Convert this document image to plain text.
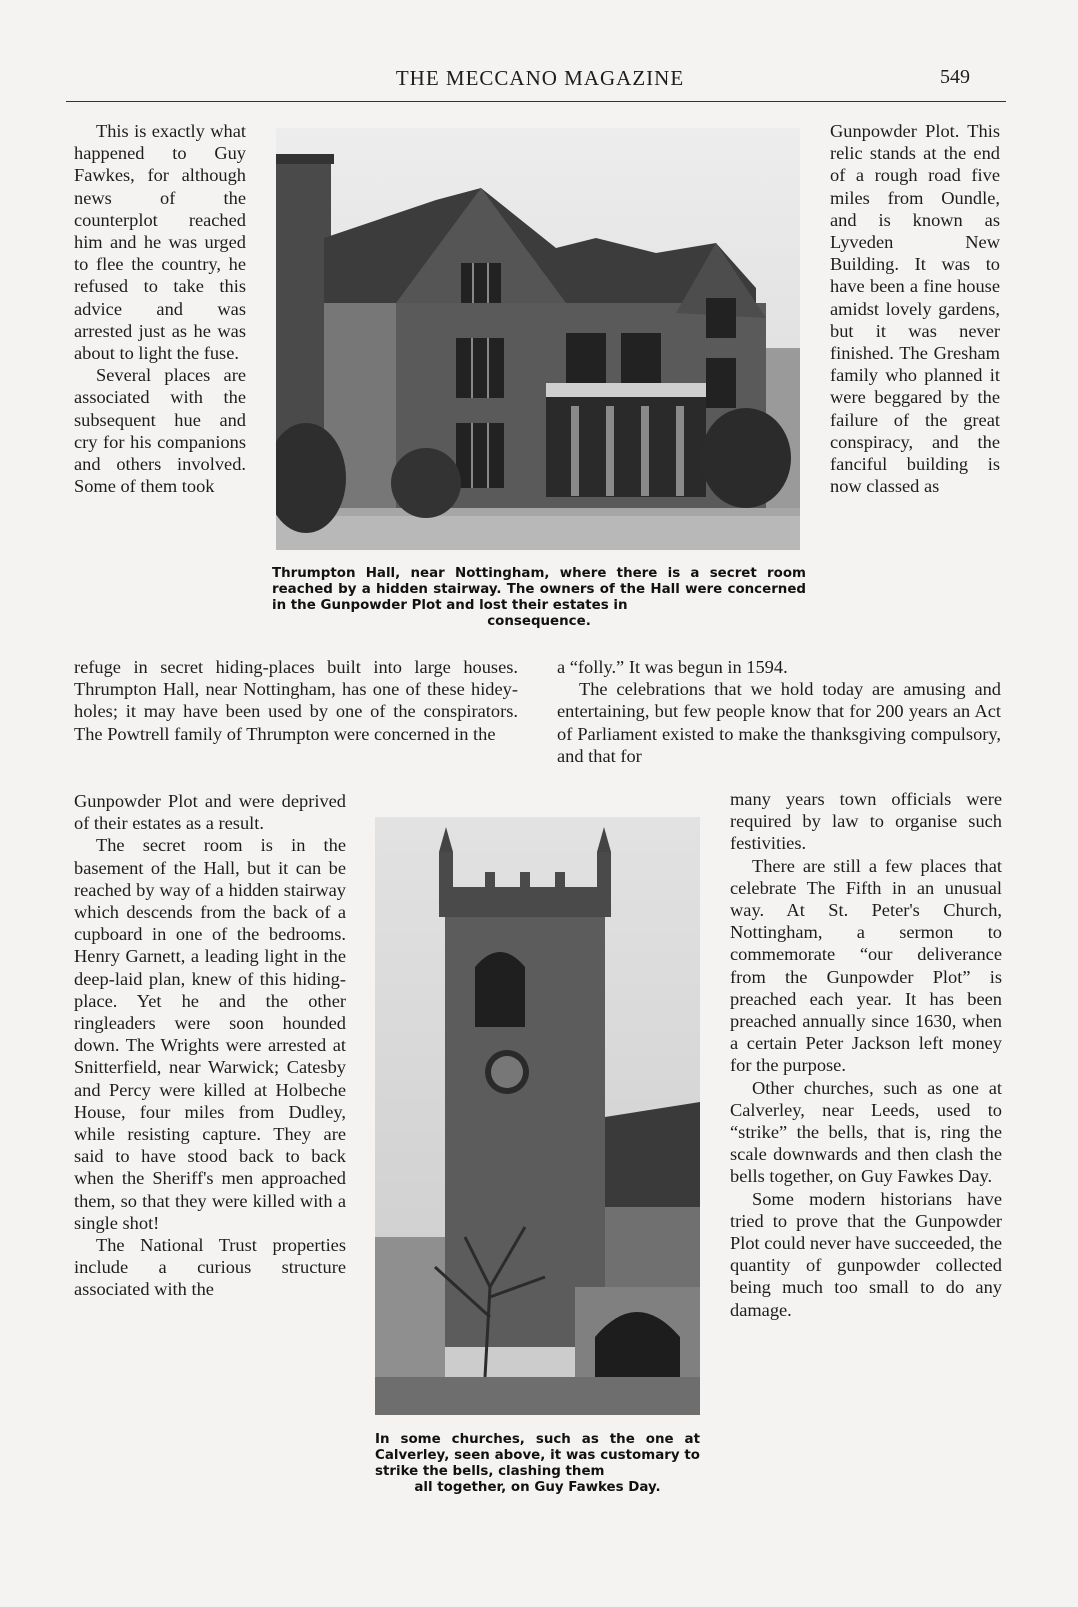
THE MECCANO MAGAZINE	549
Thrumpton Hall, near Nottingham, where there is a secret room reached by a hidden stairway. The owners of the Hall were concerned in the Gunpowder Plot and lost their estates in
consequence.
In some churches, such as the one at Calverley, seen above, it was customary to strike the bells, clashing them
all together, on Guy Fawkes Day.

This is exactly what happened to Guy Fawkes, for although news of the counterplot reached him and he was urged to flee the country, he refused to take this advice and was arrested just as he was about to light the fuse.

Several places are associated with the subsequent hue and cry for his companions and others involved. Some of them took

Gunpowder Plot. This relic stands at the end of a rough road five miles from Oundle, and is known as Lyveden New Building. It was to have been a fine house amidst lovely gardens, but it was never finished. The Gresham family who planned it were beggared by the failure of the great conspiracy, and the fanciful building is now classed as

refuge in secret hiding-places built into large houses. Thrumpton Hall, near Nottingham, has one of these hidey-holes; it may have been used by one of the conspirators. The Powtrell family of Thrumpton were concerned in the

a “folly.” It was begun in 1594.

The celebrations that we hold today are amusing and entertaining, but few people know that for 200 years an Act of Parliament existed to make the thanksgiving compulsory, and that for

Gunpowder Plot and were deprived of their estates as a result.

The secret room is in the basement of the Hall, but it can be reached by way of a hidden stairway which descends from the back of a cupboard in one of the bedrooms. Henry Garnett, a leading light in the deep-laid plan, knew of this hiding-place. Yet he and the other ringleaders were soon hounded down. The Wrights were arrested at Snitterfield, near Warwick; Catesby and Percy were killed at Holbeche House, four miles from Dudley, while resisting capture. They are said to have stood back to back when the Sheriff's men approached them, so that they were killed with a single shot!

The National Trust properties include a curious structure associated with the

many years town officials were required by law to organise such festivities.

There are still a few places that celebrate The Fifth in an unusual way. At St. Peter's Church, Nottingham, a sermon to commemorate “our deliverance from the Gunpowder Plot” is preached each year. It has been preached annually since 1630, when a certain Peter Jackson left money for the purpose.

Other churches, such as one at Calverley, near Leeds, used to “strike” the bells, that is, ring the scale downwards and then clash the bells together, on Guy Fawkes Day.

Some modern historians have tried to prove that the Gunpowder Plot could never have succeeded, the quantity of gunpowder collected being much too small to do any damage.
